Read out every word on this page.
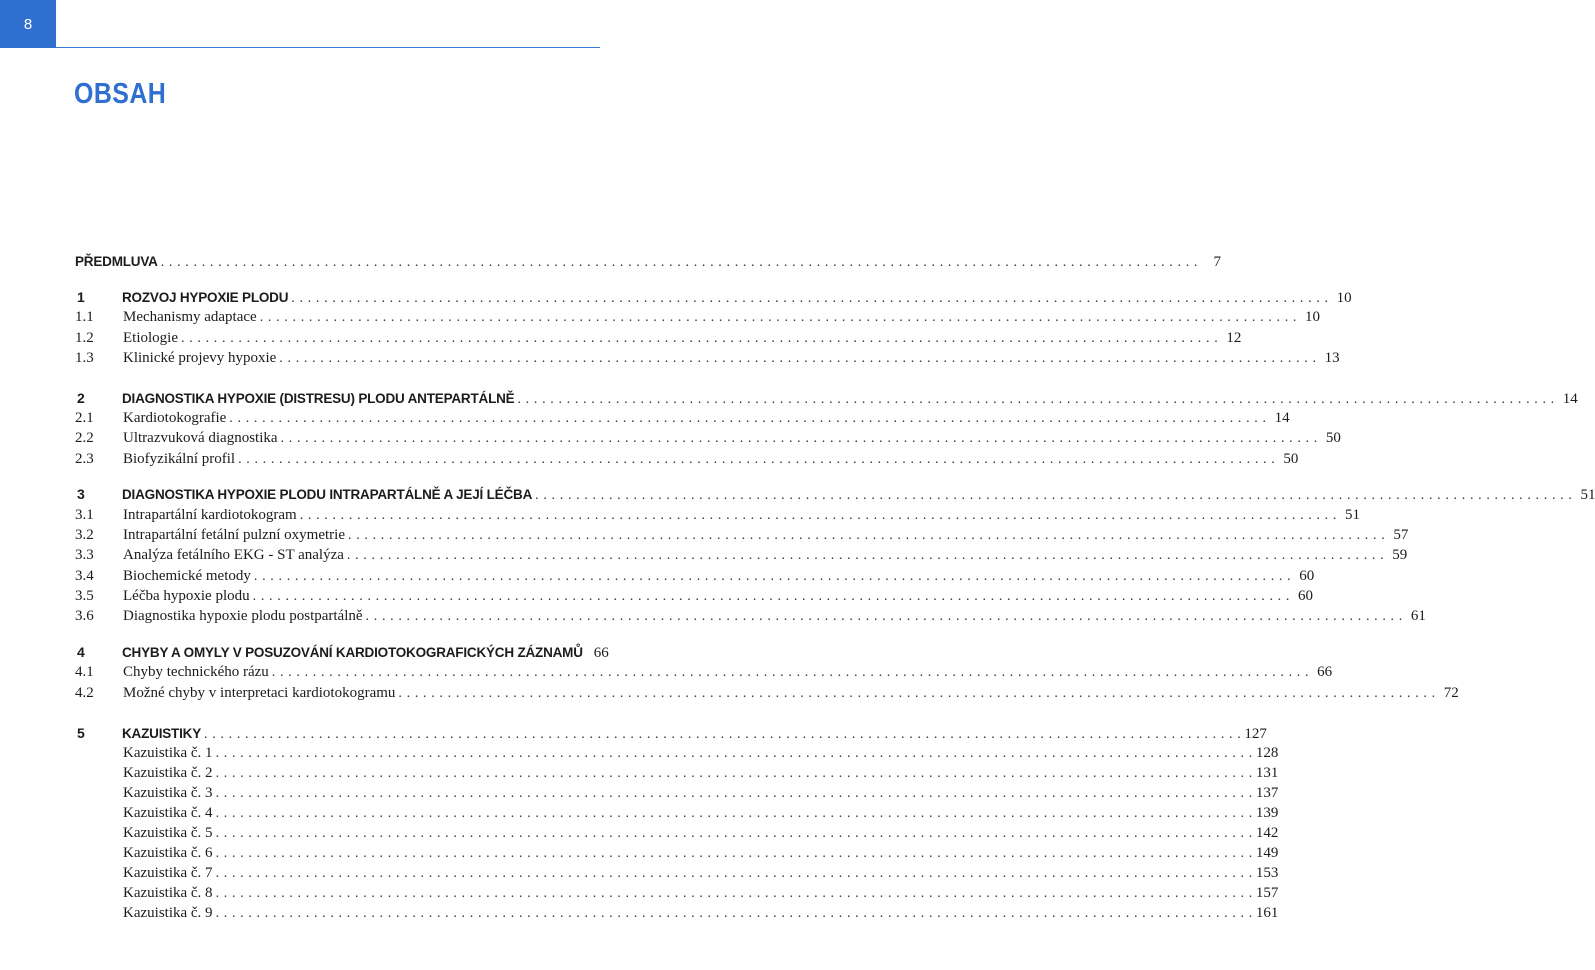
8
OBSAH
PŘEDMLUVA . . .	7
1	ROZVOJ HYPOXIE PLODU . . .	10
1.1	Mechanismy adaptace . . .	10
1.2	Etiologie . . .	12
1.3	Klinické projevy hypoxie . . .	13
2	DIAGNOSTIKA HYPOXIE (DISTRESU) PLODU ANTEPARTÁLNĚ . . .	14
2.1	Kardiotokografie . . .	14
2.2	Ultrazvuková diagnostika . . .	50
2.3	Biofyzikální profil . . .	50
3	DIAGNOSTIKA HYPOXIE PLODU INTRAPARTÁLNĚ A JEJÍ LÉČBA . . .	51
3.1	Intrapartální kardiotokogram . . .	51
3.2	Intrapartální fetální pulzní oxymetrie . . .	57
3.3	Analýza fetálního EKG - ST analýza . . .	59
3.4	Biochemické metody . . .	60
3.5	Léčba hypoxie plodu . . .	60
3.6	Diagnostika hypoxie plodu postpartálně . . .	61
4	CHYBY A OMYLY V POSUZOVÁNÍ KARDIOTOKOGRAFICKÝCH ZÁZNAMŮ 66
4.1	Chyby technického rázu . . .	66
4.2	Možné chyby v interpretaci kardiotokogramu . . .	72
5	KAZUISTIKY . . .	127
Kazuistika č. 1 . . .	128
Kazuistika č. 2 . . .	131
Kazuistika č. 3 . . .	137
Kazuistika č. 4 . . .	139
Kazuistika č. 5 . . .	142
Kazuistika č. 6 . . .	149
Kazuistika č. 7 . . .	153
Kazuistika č. 8 . . .	157
Kazuistika č. 9 . . .	161
